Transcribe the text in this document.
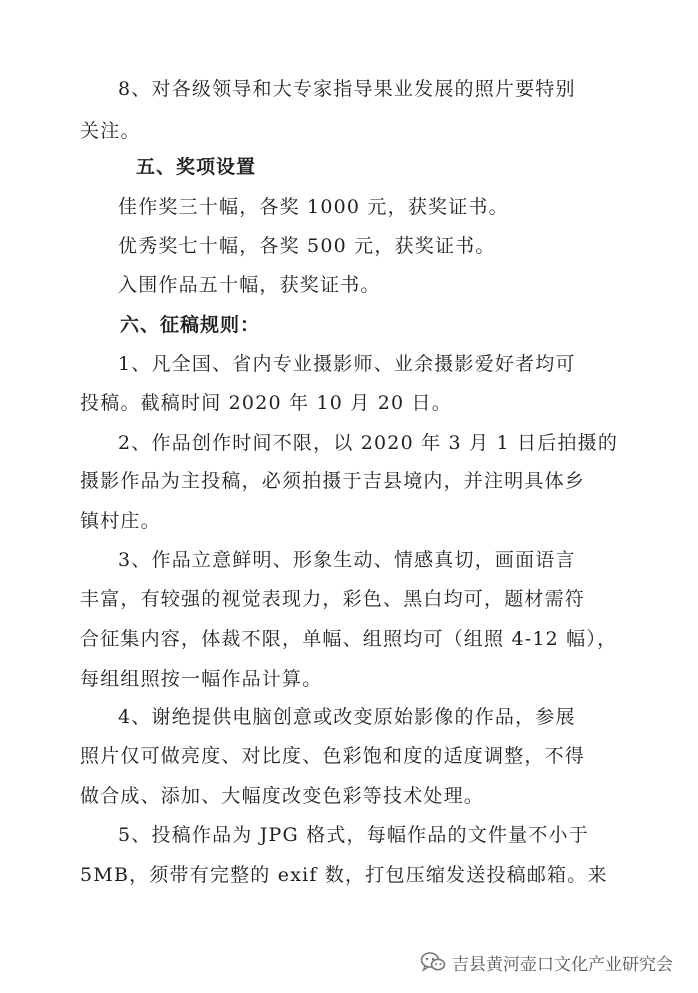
8、对各级领导和大专家指导果业发展的照片要特别
关注。
五、奖项设置
佳作奖三十幅，各奖 1000 元，获奖证书。
优秀奖七十幅，各奖 500 元，获奖证书。
入围作品五十幅，获奖证书。
六、征稿规则：
1、凡全国、省内专业摄影师、业余摄影爱好者均可
投稿。截稿时间 2020 年 10 月 20 日。
2、作品创作时间不限，以 2020 年 3 月 1 日后拍摄的
摄影作品为主投稿，必须拍摄于吉县境内，并注明具体乡
镇村庄。
3、作品立意鲜明、形象生动、情感真切，画面语言
丰富，有较强的视觉表现力，彩色、黑白均可，题材需符
合征集内容，体裁不限，单幅、组照均可（组照 4-12 幅），
每组组照按一幅作品计算。
4、谢绝提供电脑创意或改变原始影像的作品，参展
照片仅可做亮度、对比度、色彩饱和度的适度调整，不得
做合成、添加、大幅度改变色彩等技术处理。
5、投稿作品为 JPG 格式，每幅作品的文件量不小于
5MB，须带有完整的 exif 数，打包压缩发送投稿邮箱。来
吉县黄河壶口文化产业研究会
